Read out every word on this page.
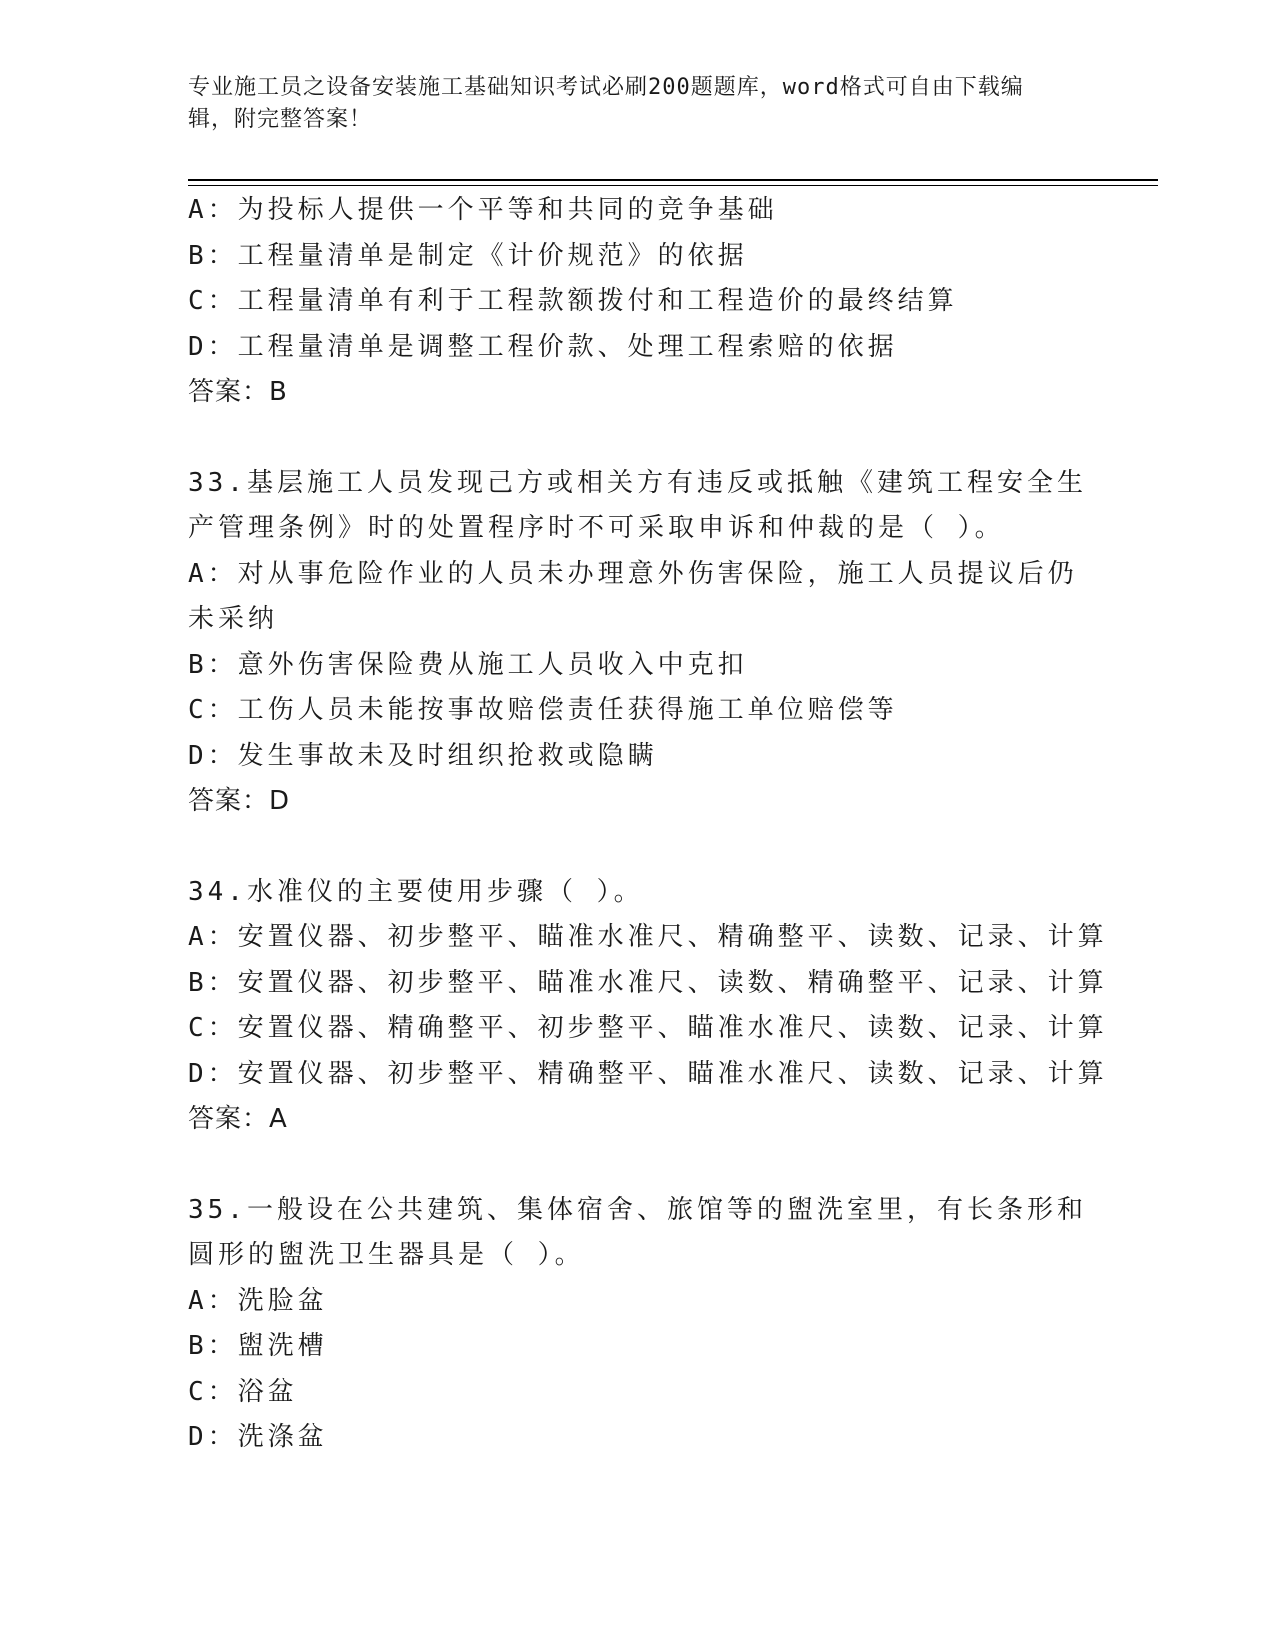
专业施工员之设备安装施工基础知识考试必刷200题题库，word格式可自由下载编辑，附完整答案！
A：为投标人提供一个平等和共同的竞争基础
B：工程量清单是制定《计价规范》的依据
C：工程量清单有利于工程款额拨付和工程造价的最终结算
D：工程量清单是调整工程价款、处理工程索赔的依据
答案：B
33.基层施工人员发现己方或相关方有违反或抵触《建筑工程安全生产管理条例》时的处置程序时不可采取申诉和仲裁的是（ ）。
A：对从事危险作业的人员未办理意外伤害保险，施工人员提议后仍未采纳
B：意外伤害保险费从施工人员收入中克扣
C：工伤人员未能按事故赔偿责任获得施工单位赔偿等
D：发生事故未及时组织抢救或隐瞒
答案：D
34.水准仪的主要使用步骤（ ）。
A：安置仪器、初步整平、瞄准水准尺、精确整平、读数、记录、计算
B：安置仪器、初步整平、瞄准水准尺、读数、精确整平、记录、计算
C：安置仪器、精确整平、初步整平、瞄准水准尺、读数、记录、计算
D：安置仪器、初步整平、精确整平、瞄准水准尺、读数、记录、计算
答案：A
35.一般设在公共建筑、集体宿舍、旅馆等的盥洗室里，有长条形和圆形的盥洗卫生器具是（ ）。
A：洗脸盆
B：盥洗槽
C：浴盆
D：洗涤盆
